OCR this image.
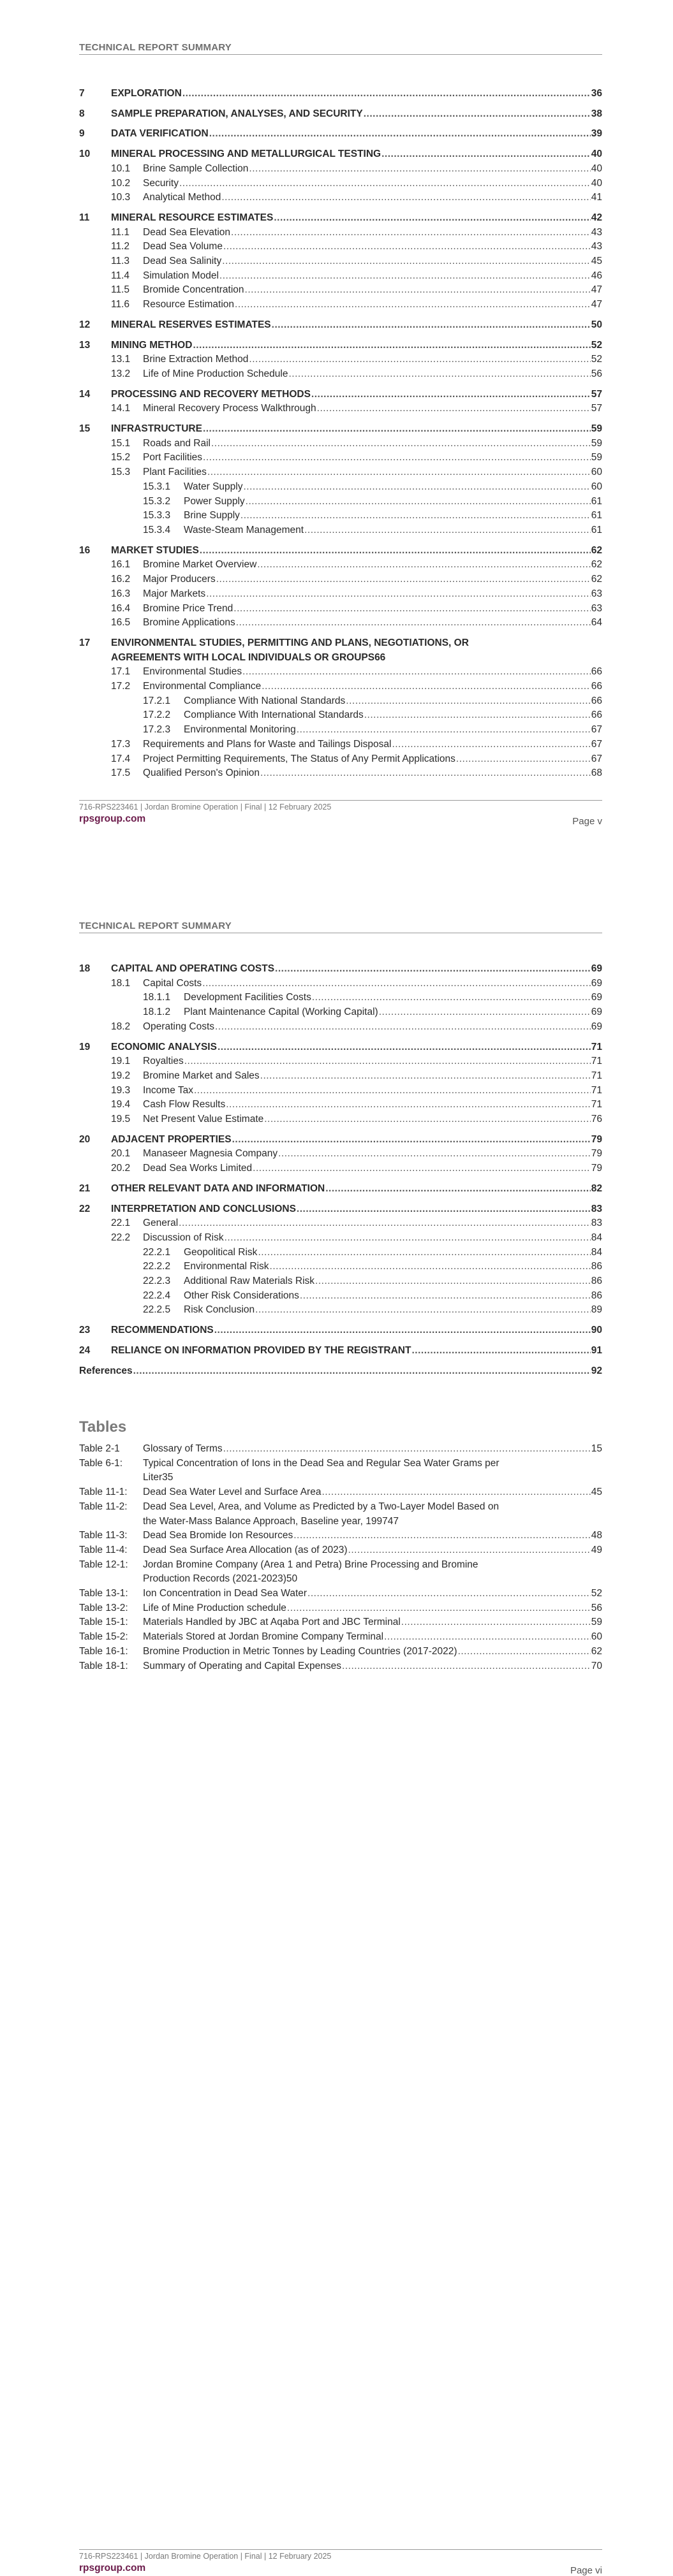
TECHNICAL REPORT SUMMARY
7	EXPLORATION .....	36
8	SAMPLE PREPARATION, ANALYSES, AND SECURITY .....	38
9	DATA VERIFICATION .....	39
10	MINERAL PROCESSING AND METALLURGICAL TESTING .....	40
10.1	Brine Sample Collection .....	40
10.2	Security .....	40
10.3	Analytical Method .....	41
11	MINERAL RESOURCE ESTIMATES .....	42
11.1	Dead Sea Elevation .....	43
11.2	Dead Sea Volume .....	43
11.3	Dead Sea Salinity .....	45
11.4	Simulation Model .....	46
11.5	Bromide Concentration .....	47
11.6	Resource Estimation .....	47
12	MINERAL RESERVES ESTIMATES .....	50
13	MINING METHOD .....	52
13.1	Brine Extraction Method .....	52
13.2	Life of Mine Production Schedule .....	56
14	PROCESSING AND RECOVERY METHODS .....	57
14.1	Mineral Recovery Process Walkthrough .....	57
15	INFRASTRUCTURE .....	59
15.1	Roads and Rail .....	59
15.2	Port Facilities .....	59
15.3	Plant Facilities .....	60
15.3.1	Water Supply .....	60
15.3.2	Power Supply .....	61
15.3.3	Brine Supply .....	61
15.3.4	Waste-Steam Management .....	61
16	MARKET STUDIES .....	62
16.1	Bromine Market Overview .....	62
16.2	Major Producers .....	62
16.3	Major Markets .....	63
16.4	Bromine Price Trend .....	63
16.5	Bromine Applications .....	64
17 ENVIRONMENTAL STUDIES, PERMITTING AND PLANS, NEGOTIATIONS, OR
AGREEMENTS WITH LOCAL INDIVIDUALS OR GROUPS 66
17.1	Environmental Studies .....	66
17.2	Environmental Compliance .....	66
17.2.1	Compliance With National Standards .....	66
17.2.2	Compliance With International Standards .....	66
17.2.3	Environmental Monitoring .....	67
17.3	Requirements and Plans for Waste and Tailings Disposal .....	67
17.4	Project Permitting Requirements, The Status of Any Permit Applications .....	67
17.5	Qualified Person's Opinion .....	68
716-RPS223461 | Jordan Bromine Operation | Final | 12 February 2025
rpsgroup.com	Page v
TECHNICAL REPORT SUMMARY
18	CAPITAL AND OPERATING COSTS .....	69
18.1	Capital Costs .....	69
18.1.1	Development Facilities Costs .....	69
18.1.2	Plant Maintenance Capital (Working Capital) .....	69
18.2	Operating Costs .....	69
19	ECONOMIC ANALYSIS .....	71
19.1	Royalties .....	71
19.2	Bromine Market and Sales .....	71
19.3	Income Tax .....	71
19.4	Cash Flow Results .....	71
19.5	Net Present Value Estimate .....	76
20	ADJACENT PROPERTIES .....	79
20.1	Manaseer Magnesia Company .....	79
20.2	Dead Sea Works Limited .....	79
21	OTHER RELEVANT DATA AND INFORMATION .....	82
22	INTERPRETATION AND CONCLUSIONS .....	83
22.1	General .....	83
22.2	Discussion of Risk .....	84
22.2.1	Geopolitical Risk .....	84
22.2.2	Environmental Risk .....	86
22.2.3	Additional Raw Materials Risk .....	86
22.2.4	Other Risk Considerations .....	86
22.2.5	Risk Conclusion .....	89
23	RECOMMENDATIONS .....	90
24	RELIANCE ON INFORMATION PROVIDED BY THE REGISTRANT .....	91
References .....	92
716-RPS223461 | Jordan Bromine Operation | Final | 12 February 2025
rpsgroup.com	Page vi
Tables
Table 2-1	Glossary of Terms .....	15
Table 6-1:	Typical Concentration of Ions in the Dead Sea and Regular Sea Water Grams per
Liter 35
Table 11-1:	Dead Sea Water Level and Surface Area .....	45
Table 11-2:	Dead Sea Level, Area, and Volume as Predicted by a Two-Layer Model Based on
the Water-Mass Balance Approach, Baseline year, 1997 47
Table 11-3:	Dead Sea Bromide Ion Resources .....	48
Table 11-4:	Dead Sea Surface Area Allocation (as of 2023) .....	49
Table 12-1:	Jordan Bromine Company (Area 1 and Petra) Brine Processing and Bromine
Production Records (2021-2023) 50
Table 13-1:	Ion Concentration in Dead Sea Water .....	52
Table 13-2:	Life of Mine Production schedule .....	56
Table 15-1:	Materials Handled by JBC at Aqaba Port and JBC Terminal .....	59
Table 15-2:	Materials Stored at Jordan Bromine Company Terminal .....	60
Table 16-1:	Bromine Production in Metric Tonnes by Leading Countries (2017-2022) .....	62
Table 18-1:	Summary of Operating and Capital Expenses .....	70
